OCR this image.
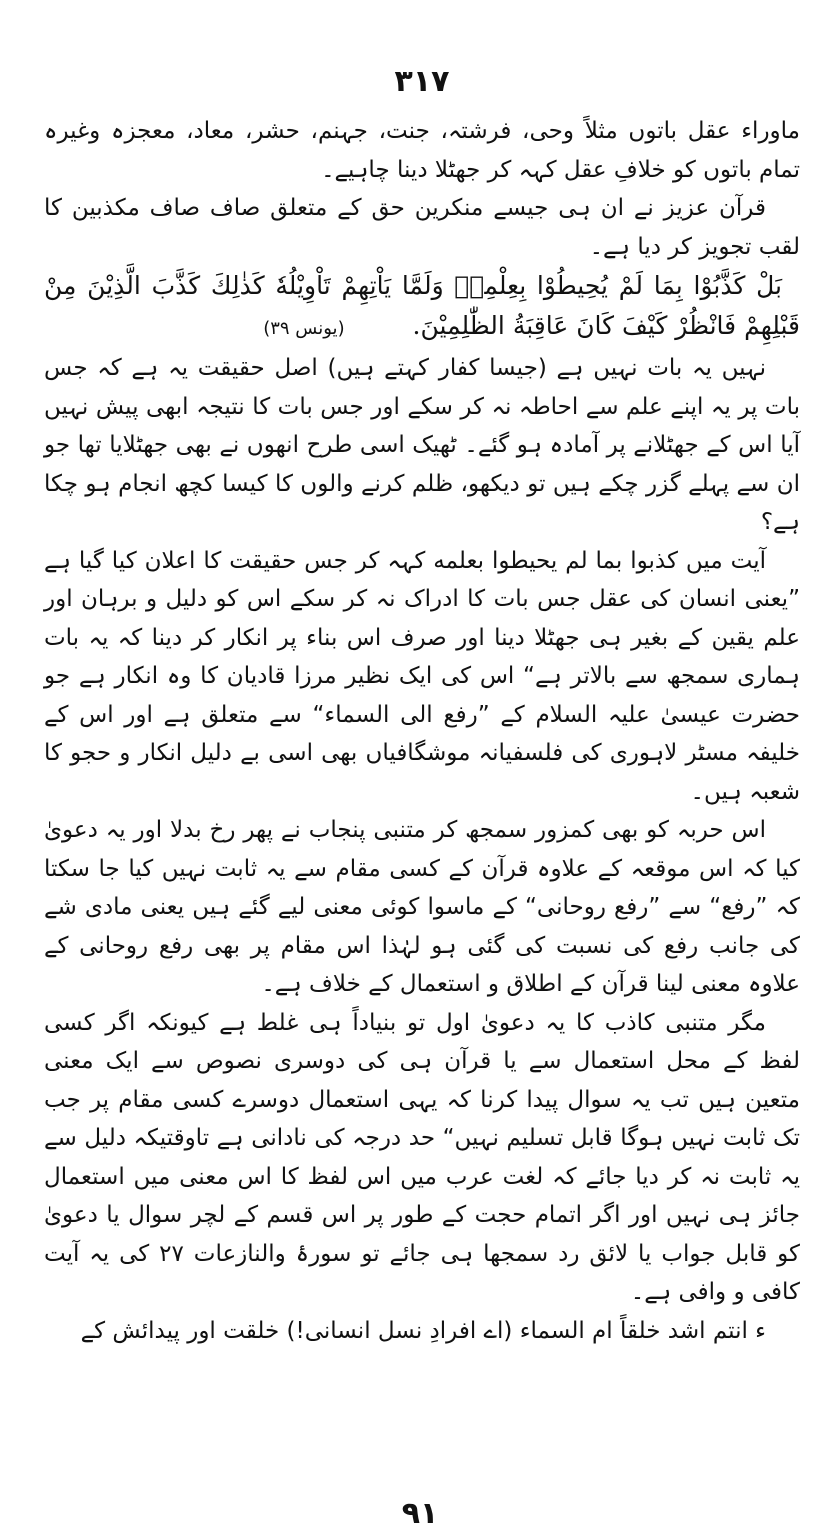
۳۱۷

ماوراء عقل باتوں مثلاً وحی، فرشتہ، جنت، جہنم، حشر، معاد، معجزہ وغیرہ تمام باتوں کو خلافِ عقل کہہ کر جھٹلا دینا چاہیے۔

قرآن عزیز نے ان ہی جیسے منکرین حق کے متعلق صاف صاف مکذبین کا لقب تجویز کر دیا ہے۔

بَلْ كَذَّبُوْا بِمَا لَمْ يُحِيطُوْا بِعِلْمِهٖ وَلَمَّا يَاْتِهِمْ تَاْوِيْلُهٗ كَذٰلِكَ كَذَّبَ الَّذِيْنَ مِنْ قَبْلِهِمْ فَانْظُرْ كَيْفَ كَانَ عَاقِبَةُ الظّٰلِمِيْنَ. (یونس ۳۹)

نہیں یہ بات نہیں ہے (جیسا کفار کہتے ہیں) اصل حقیقت یہ ہے کہ جس بات پر یہ اپنے علم سے احاطہ نہ کر سکے اور جس بات کا نتیجہ ابھی پیش نہیں آیا اس کے جھٹلانے پر آمادہ ہو گئے۔ ٹھیک اسی طرح انھوں نے بھی جھٹلایا تھا جو ان سے پہلے گزر چکے ہیں تو دیکھو، ظلم کرنے والوں کا کیسا کچھ انجام ہو چکا ہے؟

آیت میں کذبوا بما لم یحیطوا بعلمه کہہ کر جس حقیقت کا اعلان کیا گیا ہے ”یعنی انسان کی عقل جس بات کا ادراک نہ کر سکے اس کو دلیل و برہان اور علم یقین کے بغیر ہی جھٹلا دینا اور صرف اس بناء پر انکار کر دینا کہ یہ بات ہماری سمجھ سے بالاتر ہے“ اس کی ایک نظیر مرزا قادیان کا وہ انکار ہے جو حضرت عیسیٰ علیہ السلام کے ”رفع الی السماء“ سے متعلق ہے اور اس کے خلیفہ مسٹر لاہوری کی فلسفیانہ موشگافیاں بھی اسی بے دلیل انکار و حجو کا شعبہ ہیں۔

اس حربہ کو بھی کمزور سمجھ کر متنبی پنجاب نے پھر رخ بدلا اور یہ دعویٰ کیا کہ اس موقعہ کے علاوہ قرآن کے کسی مقام سے یہ ثابت نہیں کیا جا سکتا کہ ”رفع“ سے ”رفع روحانی“ کے ماسوا کوئی معنی لیے گئے ہیں یعنی مادی شے کی جانب رفع کی نسبت کی گئی ہو لہٰذا اس مقام پر بھی رفع روحانی کے علاوہ معنی لینا قرآن کے اطلاق و استعمال کے خلاف ہے۔

مگر متنبی کاذب کا یہ دعویٰ اول تو بنیاداً ہی غلط ہے کیونکہ اگر کسی لفظ کے محل استعمال سے یا قرآن ہی کی دوسری نصوص سے ایک معنی متعین ہیں تب یہ سوال پیدا کرنا کہ یہی استعمال دوسرے کسی مقام پر جب تک ثابت نہیں ہوگا قابل تسلیم نہیں“ حد درجہ کی نادانی ہے تاوقتیکہ دلیل سے یہ ثابت نہ کر دیا جائے کہ لغت عرب میں اس لفظ کا اس معنی میں استعمال جائز ہی نہیں اور اگر اتمام حجت کے طور پر اس قسم کے لچر سوال یا دعویٰ کو قابل جواب یا لائق رد سمجھا ہی جائے تو سورۂ والنازعات ۲۷ کی یہ آیت کافی و وافی ہے۔

ء انتم اشد خلقاً ام السماء (اے افرادِ نسل انسانی!) خلقت اور پیدائش کے

۹۱
